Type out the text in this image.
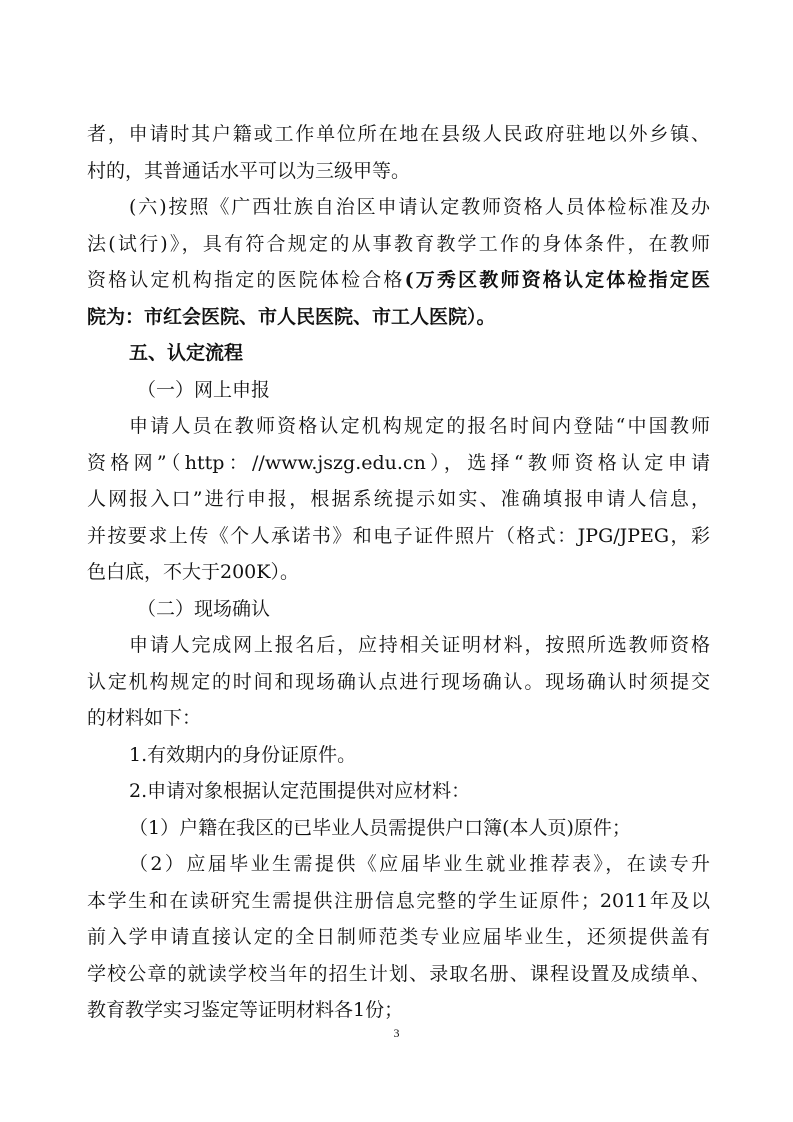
者，申请时其户籍或工作单位所在地在县级人民政府驻地以外乡镇、
村的，其普通话水平可以为三级甲等。
(六)按照《广西壮族自治区申请认定教师资格人员体检标准及办
法(试行)》，具有符合规定的从事教育教学工作的身体条件，在教师
资格认定机构指定的医院体检合格(万秀区教师资格认定体检指定医
院为：市红会医院、市人民医院、市工人医院）。
五、认定流程
（一）网上申报
申请人员在教师资格认定机构规定的报名时间内登陆“中国教师
资格网”（http：//www.jszg.edu.cn），选择“教师资格认定申请
人网报入口”进行申报，根据系统提示如实、准确填报申请人信息，
并按要求上传《个人承诺书》和电子证件照片（格式：JPG/JPEG，彩
色白底，不大于200K）。
（二）现场确认
申请人完成网上报名后，应持相关证明材料，按照所选教师资格
认定机构规定的时间和现场确认点进行现场确认。现场确认时须提交
的材料如下：
1.有效期内的身份证原件。
2.申请对象根据认定范围提供对应材料：
（1）户籍在我区的已毕业人员需提供户口簿(本人页)原件；
（2）应届毕业生需提供《应届毕业生就业推荐表》，在读专升
本学生和在读研究生需提供注册信息完整的学生证原件；2011年及以
前入学申请直接认定的全日制师范类专业应届毕业生，还须提供盖有
学校公章的就读学校当年的招生计划、录取名册、课程设置及成绩单、
教育教学实习鉴定等证明材料各1份；
3
